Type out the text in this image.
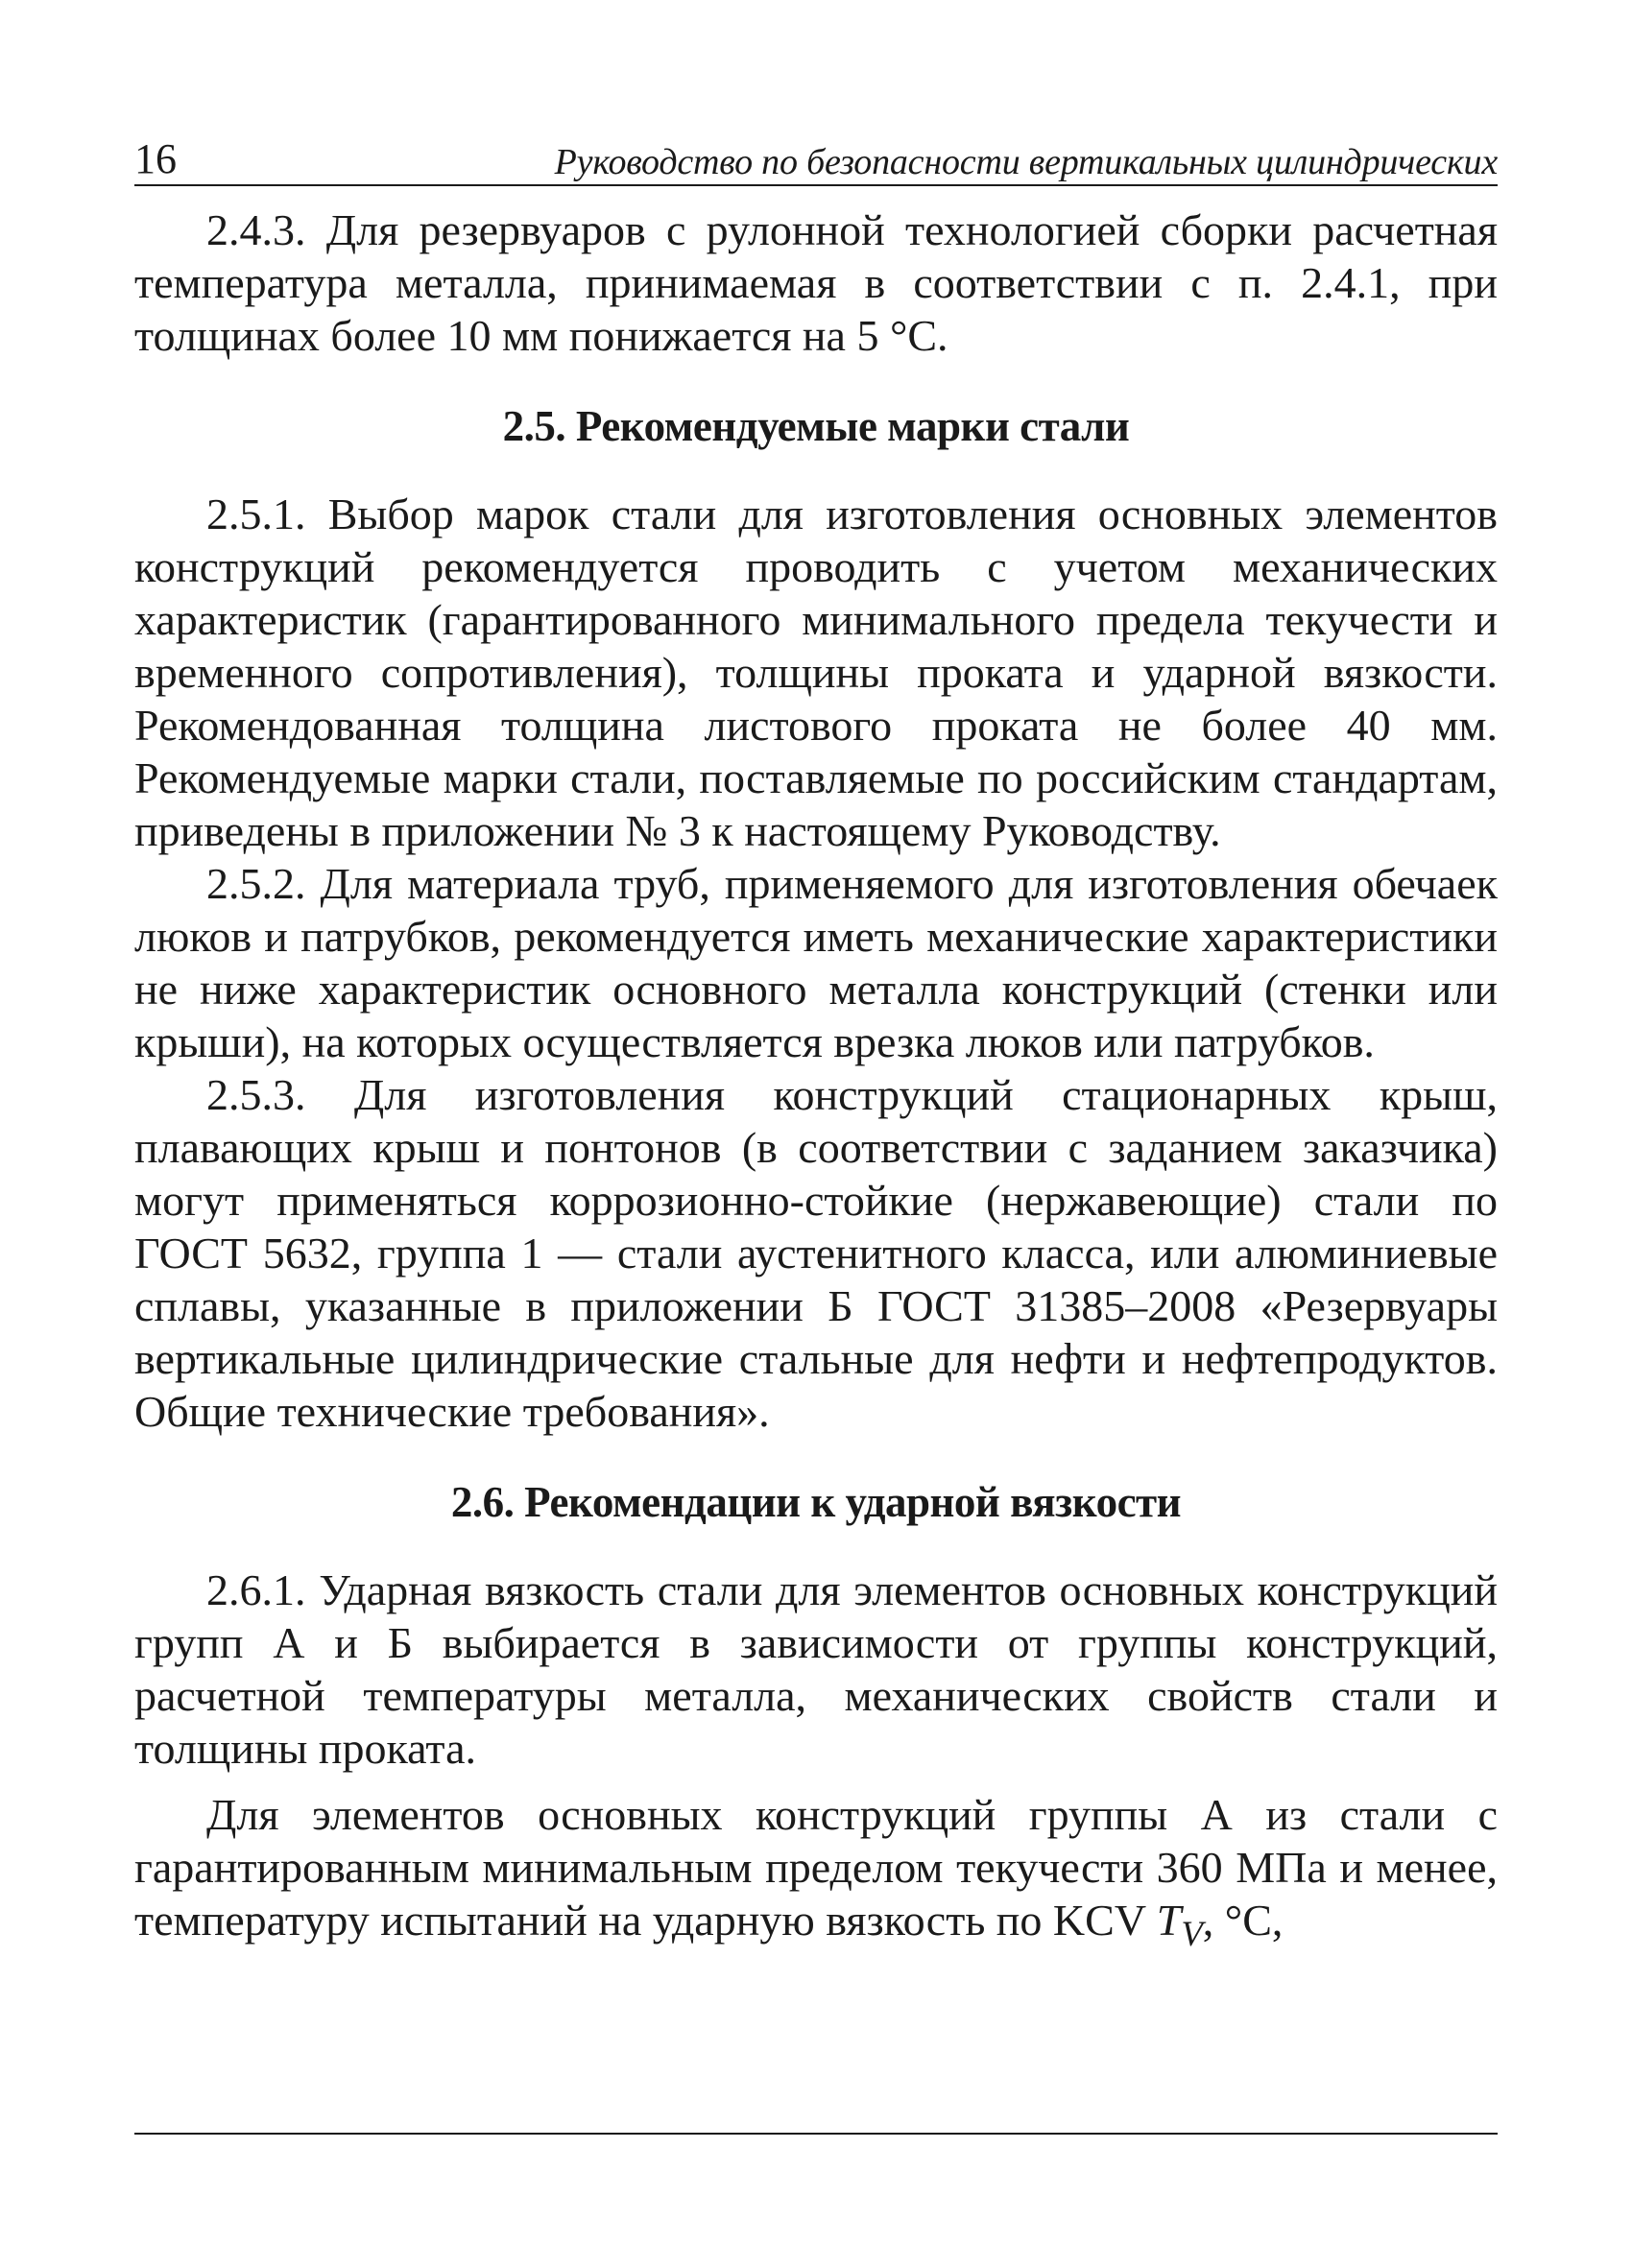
16	Руководство по безопасности вертикальных цилиндрических

2.4.3. Для резервуаров с рулонной технологией сборки расчетная температура металла, принимаемая в соответствии с п. 2.4.1, при толщинах более 10 мм понижается на 5 °С.

2.5. Рекомендуемые марки стали

2.5.1. Выбор марок стали для изготовления основных элементов конструкций рекомендуется проводить с учетом механических характеристик (гарантированного минимального предела текучести и временного сопротивления), толщины проката и ударной вязкости. Рекомендованная толщина листового проката не более 40 мм. Рекомендуемые марки стали, поставляемые по российским стандартам, приведены в приложении № 3 к настоящему Руководству.

2.5.2. Для материала труб, применяемого для изготовления обечаек люков и патрубков, рекомендуется иметь механические характеристики не ниже характеристик основного металла конструкций (стенки или крыши), на которых осуществляется врезка люков или патрубков.

2.5.3. Для изготовления конструкций стационарных крыш, плавающих крыш и понтонов (в соответствии с заданием заказчика) могут применяться коррозионно-стойкие (нержавеющие) стали по ГОСТ 5632, группа 1 — стали аустенитного класса, или алюминиевые сплавы, указанные в приложении Б ГОСТ 31385–2008 «Резервуары вертикальные цилиндрические стальные для нефти и нефтепродуктов. Общие технические требования».

2.6. Рекомендации к ударной вязкости

2.6.1. Ударная вязкость стали для элементов основных конструкций групп А и Б выбирается в зависимости от группы конструкций, расчетной температуры металла, механических свойств стали и толщины проката.

Для элементов основных конструкций группы А из стали с гарантированным минимальным пределом текучести 360 МПа и менее, температуру испытаний на ударную вязкость по KCV $T_V$, °С,
